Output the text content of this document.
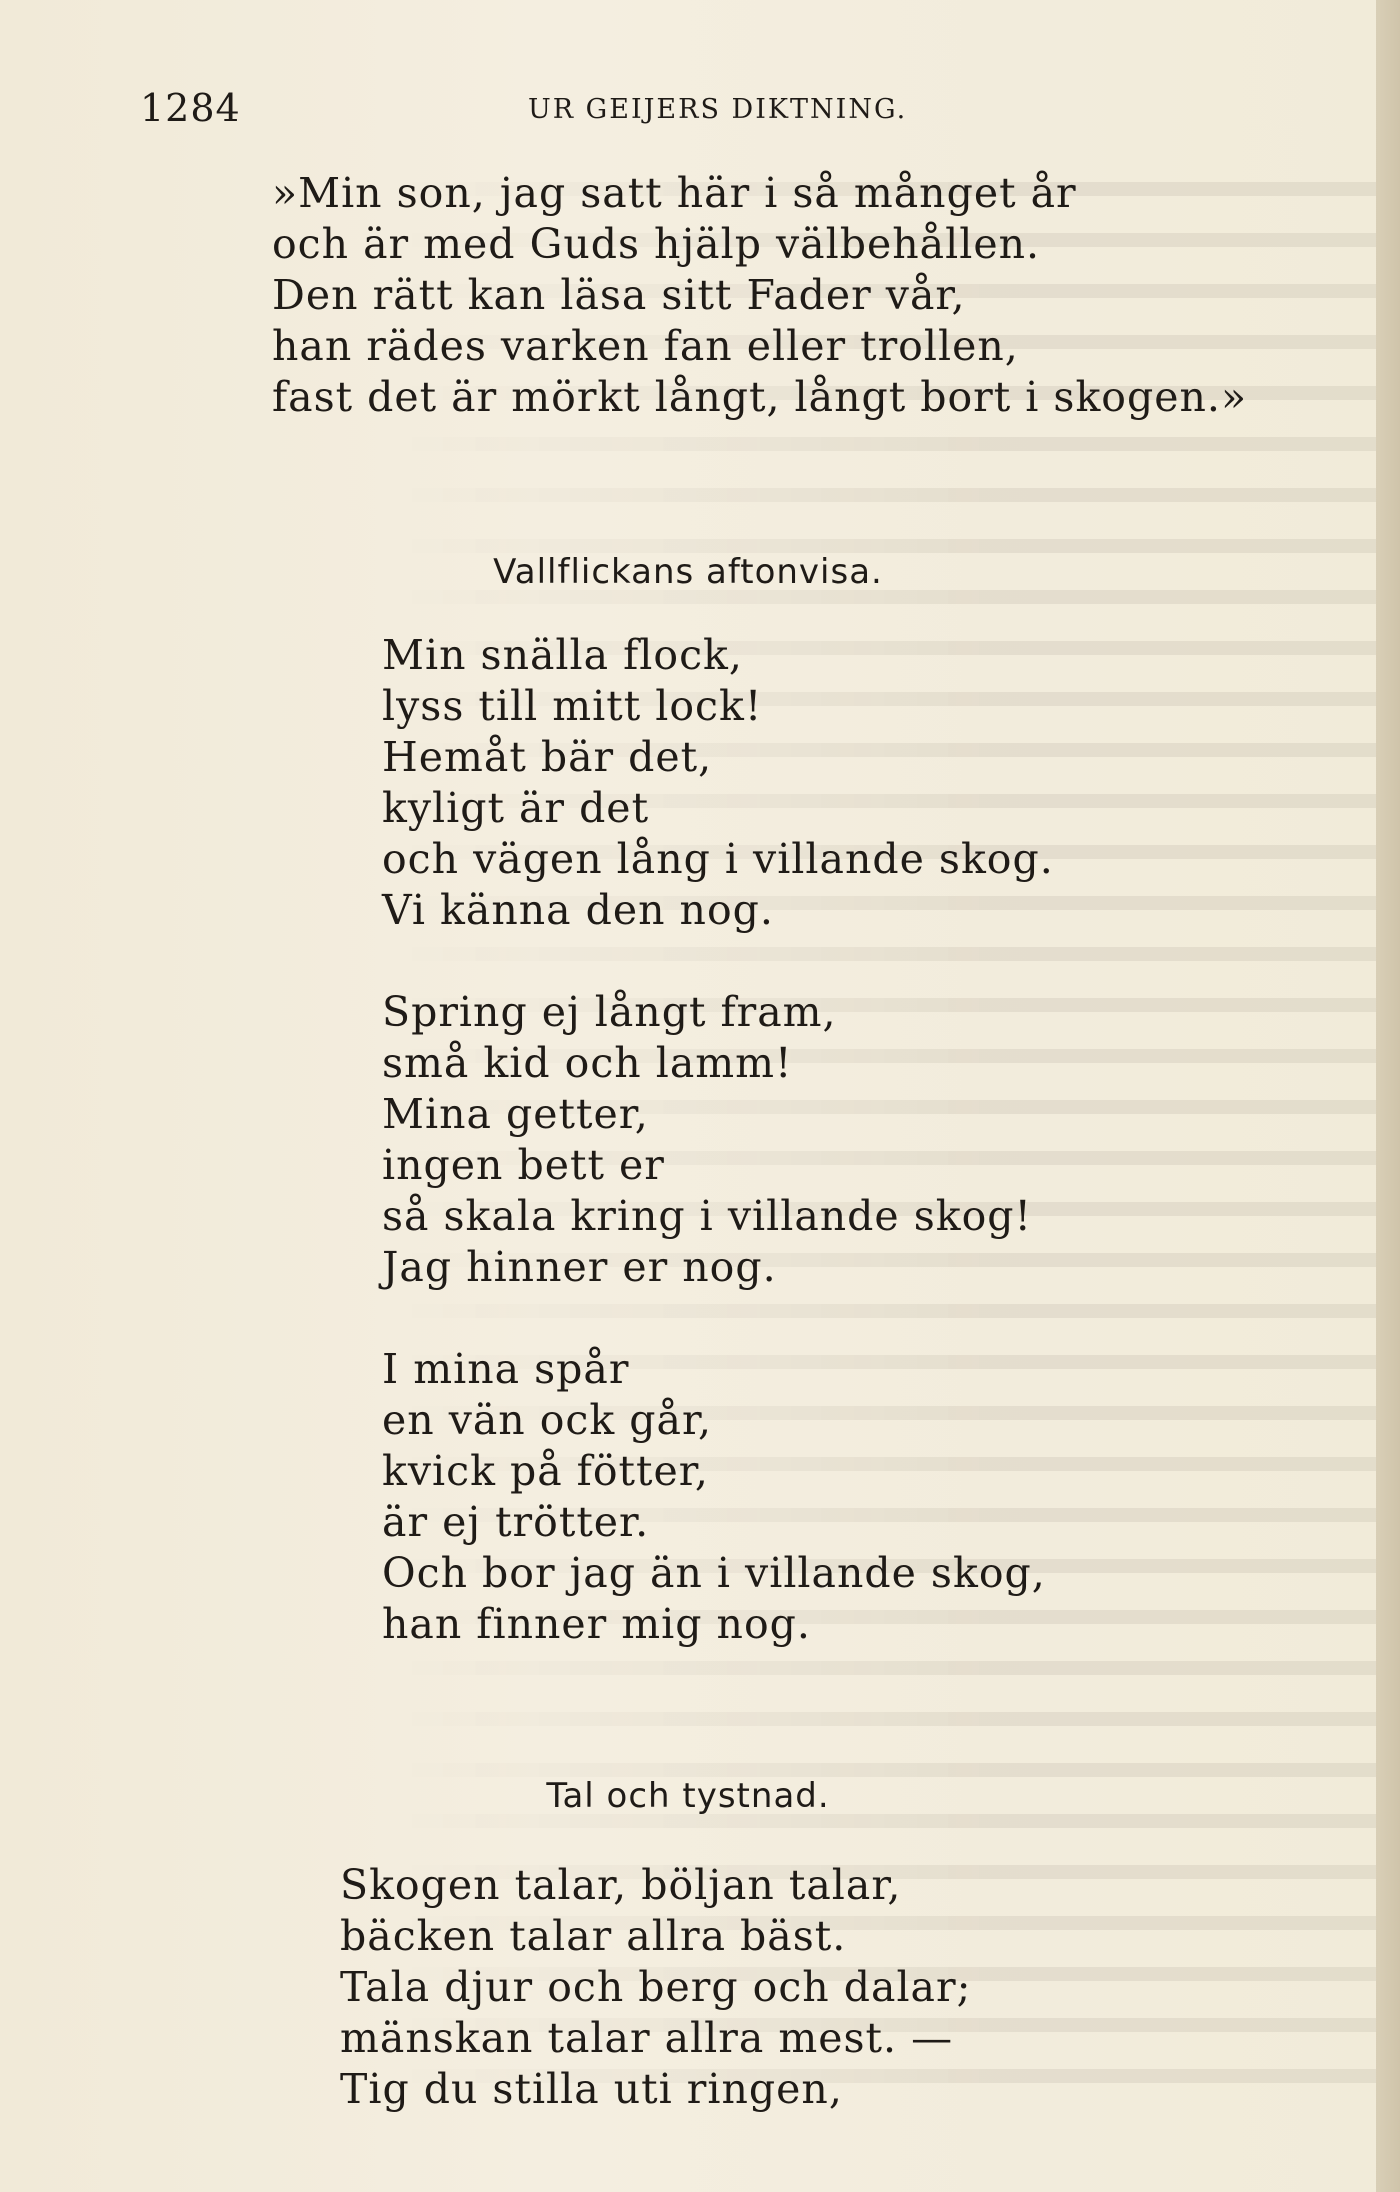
1284	UR GEIJERS DIKTNING.
»Min son, jag satt här i så månget år
och är med Guds hjälp välbehållen.
Den rätt kan läsa sitt Fader vår,
han rädes varken fan eller trollen,
fast det är mörkt långt, långt bort i skogen.»
Vallflickans aftonvisa.
Min snälla flock,
lyss till mitt lock!
Hemåt bär det,
kyligt är det
och vägen lång i villande skog.
Vi känna den nog.
Spring ej långt fram,
små kid och lamm!
Mina getter,
ingen bett er
så skala kring i villande skog!
Jag hinner er nog.
I mina spår
en vän ock går,
kvick på fötter,
är ej trötter.
Och bor jag än i villande skog,
han finner mig nog.
Tal och tystnad.
Skogen talar, böljan talar,
bäcken talar allra bäst.
Tala djur och berg och dalar;
mänskan talar allra mest. —
Tig du stilla uti ringen,
